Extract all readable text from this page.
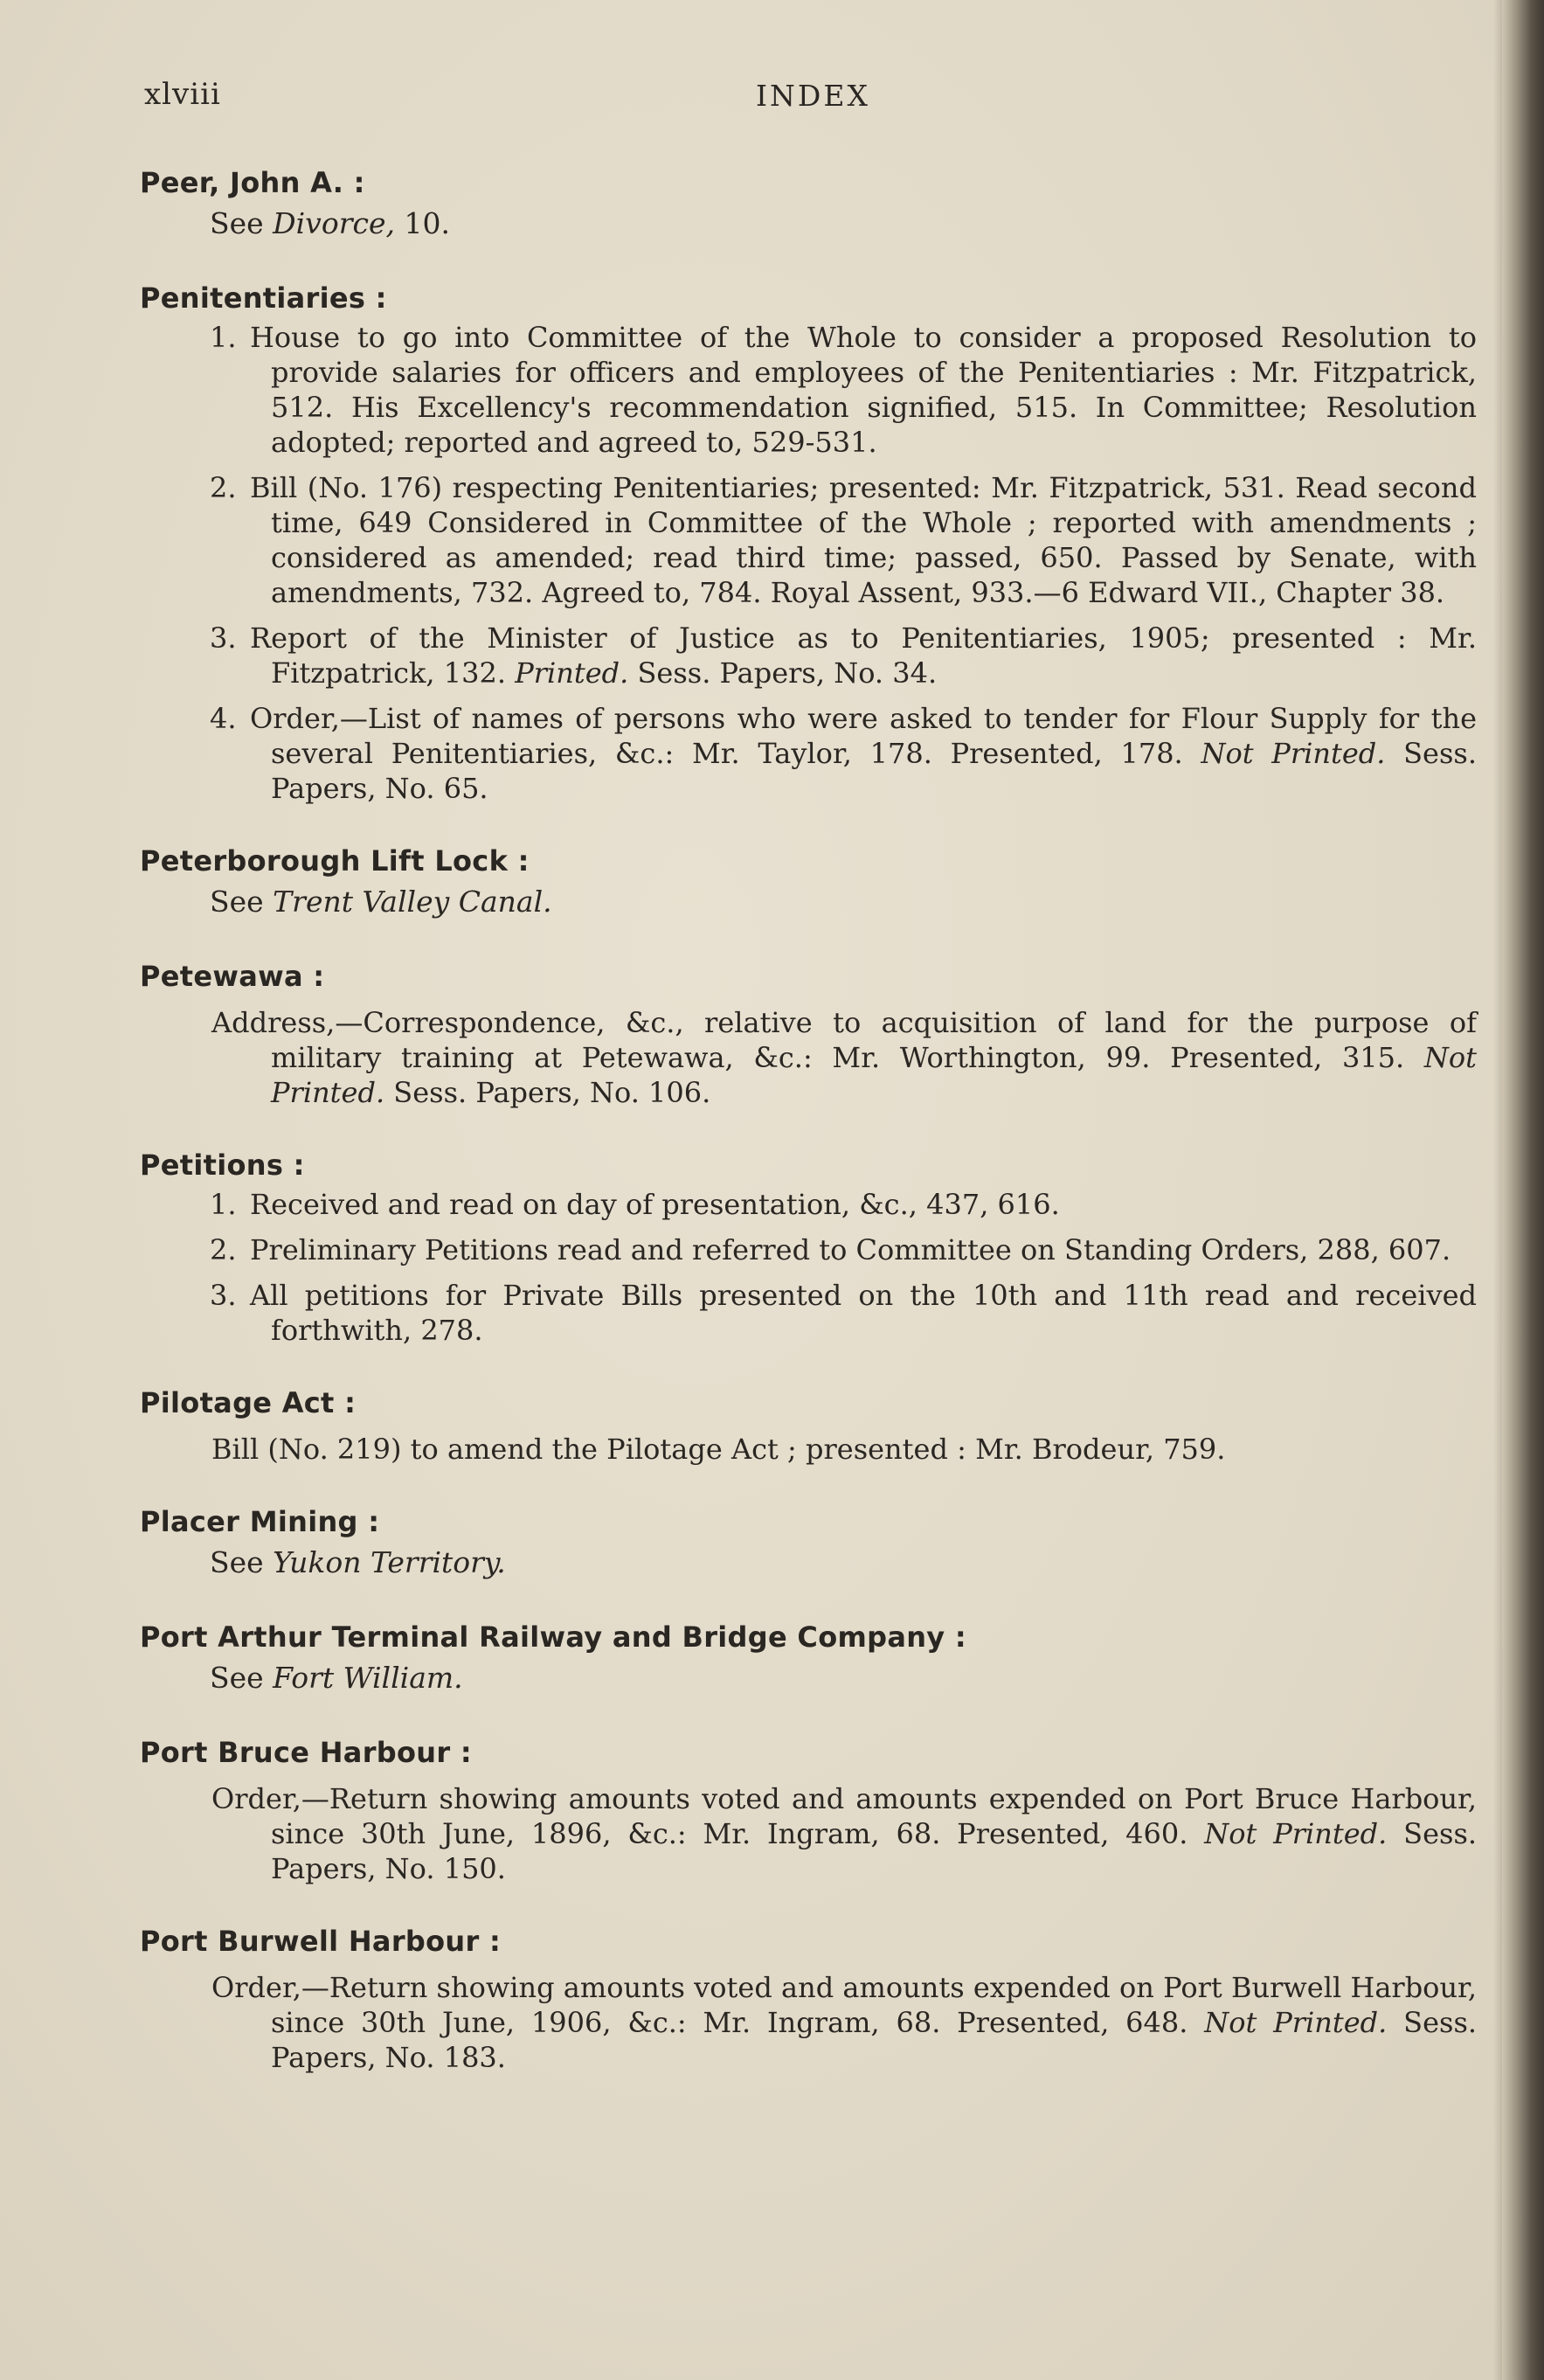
xlviii	INDEX
Peer, John A. :
See Divorce, 10.
Penitentiaries :
1. House to go into Committee of the Whole to consider a proposed Resolution to provide salaries for officers and employees of the Penitentiaries : Mr. Fitzpatrick, 512. His Excellency's recommendation signified, 515. In Committee; Resolution adopted; reported and agreed to, 529-531.
2. Bill (No. 176) respecting Penitentiaries; presented: Mr. Fitzpatrick, 531. Read second time, 649 Considered in Committee of the Whole ; reported with amendments ; considered as amended; read third time; passed, 650. Passed by Senate, with amendments, 732. Agreed to, 784. Royal Assent, 933.—6 Edward VII., Chapter 38.
3. Report of the Minister of Justice as to Penitentiaries, 1905; presented : Mr. Fitzpatrick, 132. Printed. Sess. Papers, No. 34.
4. Order,—List of names of persons who were asked to tender for Flour Supply for the several Penitentiaries, &c.: Mr. Taylor, 178. Presented, 178. Not Printed. Sess. Papers, No. 65.
Peterborough Lift Lock :
See Trent Valley Canal.
Petewawa :
Address,—Correspondence, &c., relative to acquisition of land for the purpose of military training at Petewawa, &c.: Mr. Worthington, 99. Presented, 315. Not Printed. Sess. Papers, No. 106.
Petitions :
1. Received and read on day of presentation, &c., 437, 616.
2. Preliminary Petitions read and referred to Committee on Standing Orders, 288, 607.
3. All petitions for Private Bills presented on the 10th and 11th read and received forthwith, 278.
Pilotage Act :
Bill (No. 219) to amend the Pilotage Act ; presented : Mr. Brodeur, 759.
Placer Mining :
See Yukon Territory.
Port Arthur Terminal Railway and Bridge Company :
See Fort William.
Port Bruce Harbour :
Order,—Return showing amounts voted and amounts expended on Port Bruce Harbour, since 30th June, 1896, &c.: Mr. Ingram, 68. Presented, 460. Not Printed. Sess. Papers, No. 150.
Port Burwell Harbour :
Order,—Return showing amounts voted and amounts expended on Port Burwell Harbour, since 30th June, 1906, &c.: Mr. Ingram, 68. Presented, 648. Not Printed. Sess. Papers, No. 183.
